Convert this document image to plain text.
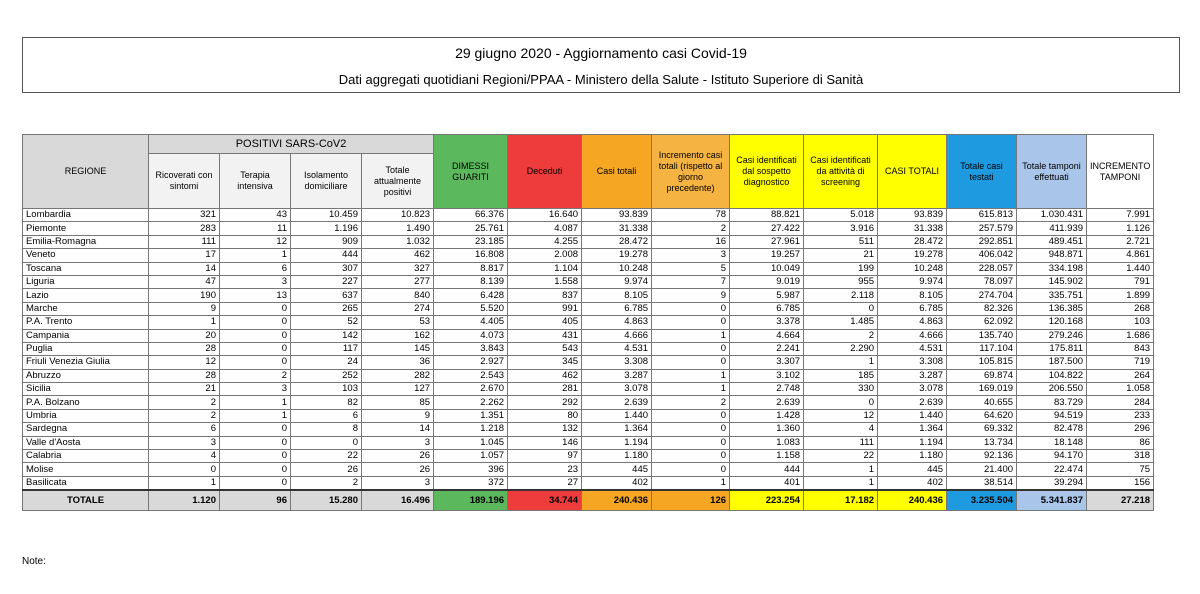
29 giugno 2020 - Aggiornamento casi Covid-19
Dati aggregati quotidiani Regioni/PPAA - Ministero della Salute - Istituto Superiore di Sanità
REGIONE	POSITIVI SARS-CoV2				DIMESSI GUARITI	Deceduti	Casi totali	Incremento casi totali (rispetto al giorno precedente)	Casi identificati dal sospetto diagnostico	Casi identificati da attività di screening	CASI TOTALI	Totale casi testati	Totale tamponi effettuati	INCREMENTO TAMPONI
	Ricoverati con sintomi	Terapia intensiva	Isolamento domiciliare	Totale attualmente positivi										
Lombardia	321	43	10.459	10.823	66.376	16.640	93.839	78	88.821	5.018	93.839	615.813	1.030.431	7.991
Piemonte	283	11	1.196	1.490	25.761	4.087	31.338	2	27.422	3.916	31.338	257.579	411.939	1.126
Emilia-Romagna	111	12	909	1.032	23.185	4.255	28.472	16	27.961	511	28.472	292.851	489.451	2.721
Veneto	17	1	444	462	16.808	2.008	19.278	3	19.257	21	19.278	406.042	948.871	4.861
Toscana	14	6	307	327	8.817	1.104	10.248	5	10.049	199	10.248	228.057	334.198	1.440
Liguria	47	3	227	277	8.139	1.558	9.974	7	9.019	955	9.974	78.097	145.902	791
Lazio	190	13	637	840	6.428	837	8.105	9	5.987	2.118	8.105	274.704	335.751	1.899
Marche	9	0	265	274	5.520	991	6.785	0	6.785	0	6.785	82.326	136.385	268
P.A. Trento	1	0	52	53	4.405	405	4.863	0	3.378	1.485	4.863	62.092	120.168	103
Campania	20	0	142	162	4.073	431	4.666	1	4.664	2	4.666	135.740	279.246	1.686
Puglia	28	0	117	145	3.843	543	4.531	0	2.241	2.290	4.531	117.104	175.811	843
Friuli Venezia Giulia	12	0	24	36	2.927	345	3.308	0	3.307	1	3.308	105.815	187.500	719
Abruzzo	28	2	252	282	2.543	462	3.287	1	3.102	185	3.287	69.874	104.822	264
Sicilia	21	3	103	127	2.670	281	3.078	1	2.748	330	3.078	169.019	206.550	1.058
P.A. Bolzano	2	1	82	85	2.262	292	2.639	2	2.639	0	2.639	40.655	83.729	284
Umbria	2	1	6	9	1.351	80	1.440	0	1.428	12	1.440	64.620	94.519	233
Sardegna	6	0	8	14	1.218	132	1.364	0	1.360	4	1.364	69.332	82.478	296
Valle d'Aosta	3	0	0	3	1.045	146	1.194	0	1.083	111	1.194	13.734	18.148	86
Calabria	4	0	22	26	1.057	97	1.180	0	1.158	22	1.180	92.136	94.170	318
Molise	0	0	26	26	396	23	445	0	444	1	445	21.400	22.474	75
Basilicata	1	0	2	3	372	27	402	1	401	1	402	38.514	39.294	156
TOTALE	1.120	96	15.280	16.496	189.196	34.744	240.436	126	223.254	17.182	240.436	3.235.504	5.341.837	27.218
Note:
